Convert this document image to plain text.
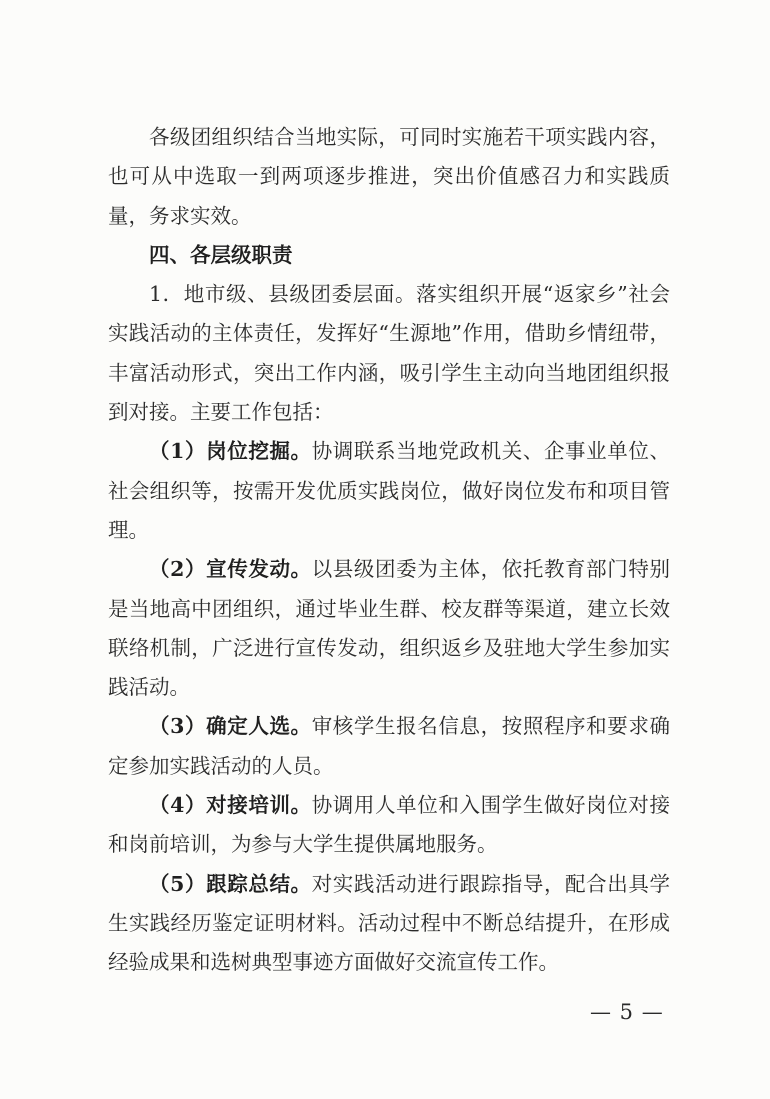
各级团组织结合当地实际，可同时实施若干项实践内容，也可从中选取一到两项逐步推进，突出价值感召力和实践质量，务求实效。

四、各层级职责

1．地市级、县级团委层面。落实组织开展“返家乡”社会实践活动的主体责任，发挥好“生源地”作用，借助乡情纽带，丰富活动形式，突出工作内涵，吸引学生主动向当地团组织报到对接。主要工作包括：

（1）岗位挖掘。协调联系当地党政机关、企事业单位、社会组织等，按需开发优质实践岗位，做好岗位发布和项目管理。

（2）宣传发动。以县级团委为主体，依托教育部门特别是当地高中团组织，通过毕业生群、校友群等渠道，建立长效联络机制，广泛进行宣传发动，组织返乡及驻地大学生参加实践活动。

（3）确定人选。审核学生报名信息，按照程序和要求确定参加实践活动的人员。

（4）对接培训。协调用人单位和入围学生做好岗位对接和岗前培训，为参与大学生提供属地服务。

（5）跟踪总结。对实践活动进行跟踪指导，配合出具学生实践经历鉴定证明材料。活动过程中不断总结提升，在形成经验成果和选树典型事迹方面做好交流宣传工作。

— 5 —
